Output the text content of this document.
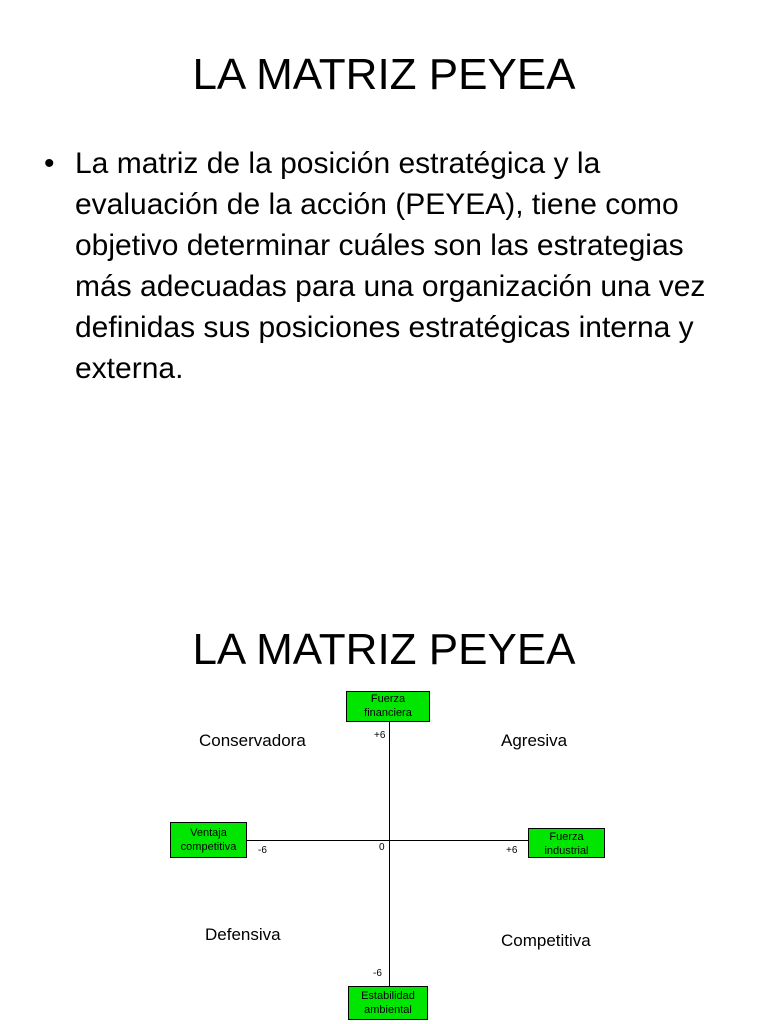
LA MATRIZ PEYEA
• La matriz de la posición estratégica y la evaluación de la acción (PEYEA), tiene como objetivo determinar cuáles son las estrategias más adecuadas para una organización una vez definidas sus posiciones estratégicas interna y externa.
LA MATRIZ PEYEA
Fuerza financiera
Ventaja competitiva
Fuerza industrial
Estabilidad ambiental
+6
-6	0	+6
-6
Conservadora	Agresiva
Defensiva	Competitiva
